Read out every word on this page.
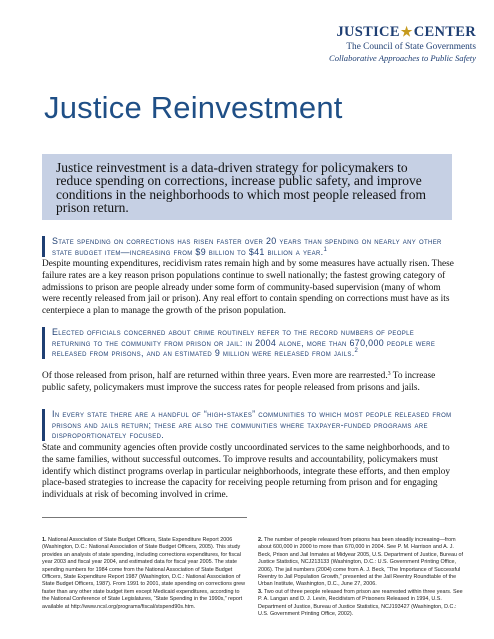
JUSTICE★CENTER
The Council of State Governments
Collaborative Approaches to Public Safety
Justice Reinvestment

Justice reinvestment is a data-driven strategy for policymakers to reduce spending on corrections, increase public safety, and improve conditions in the neighborhoods to which most people released from prison return.

State spending on corrections has risen faster over 20 years than spending on nearly any other state budget item—increasing from $9 billion to $41 billion a year.$^1$

Despite mounting expenditures, recidivism rates remain high and by some measures have actually risen. These failure rates are a key reason prison populations continue to swell nationally; the fastest growing category of admissions to prison are people already under some form of community-based supervision (many of whom were recently released from jail or prison). Any real effort to contain spending on corrections must have as its centerpiece a plan to manage the growth of the prison population.

Elected officials concerned about crime routinely refer to the record numbers of people returning to the community from prison or jail: in 2004 alone, more than 670,000 people were released from prisons, and an estimated 9 million were released from jails.$^2$

Of those released from prison, half are returned within three years. Even more are rearrested.$^3$ To increase public safety, policymakers must improve the success rates for people released from prisons and jails.

In every state there are a handful of “high-stakes” communities to which most people released from prisons and jails return; these are also the communities where taxpayer-funded programs are disproportionately focused.

State and community agencies often provide costly uncoordinated services to the same neighborhoods, and to the same families, without successful outcomes. To improve results and accountability, policymakers must identify which distinct programs overlap in particular neighborhoods, integrate these efforts, and then employ place-based strategies to increase the capacity for receiving people returning from prison and for engaging individuals at risk of becoming involved in crime.

1. National Association of State Budget Officers, State Expenditure Report 2006 (Washington, D.C.: National Association of State Budget Officers, 2005). This study provides an analysis of state spending, including corrections expenditures, for fiscal year 2003 and fiscal year 2004, and estimated data for fiscal year 2005. The state spending numbers for 1984 come from the National Association of State Budget Officers, State Expenditure Report 1987 (Washington, D.C.: National Association of State Budget Officers, 1987). From 1991 to 2001, state spending on corrections grew faster than any other state budget item except Medicaid expenditures, according to the National Conference of State Legislatures, “State Spending in the 1990s,” report available at http://www.ncsl.org/programs/fiscal/stspend90s.htm.

2. The number of people released from prisons has been steadily increasing—from about 600,000 in 2000 to more than 670,000 in 2004. See P. M. Harrison and A. J. Beck, Prison and Jail Inmates at Midyear 2005, U.S. Department of Justice, Bureau of Justice Statistics, NCJ213133 (Washington, D.C.: U.S. Government Printing Office, 2006). The jail numbers (2004) come from A. J. Beck, “The Importance of Successful Reentry to Jail Population Growth,” presented at the Jail Reentry Roundtable of the Urban Institute, Washington, D.C., June 27, 2006.
3. Two out of three people released from prison are rearrested within three years. See P. A. Langan and D. J. Levin, Recidivism of Prisoners Released in 1994, U.S. Department of Justice, Bureau of Justice Statistics, NCJ193427 (Washington, D.C.: U.S. Government Printing Office, 2002).
